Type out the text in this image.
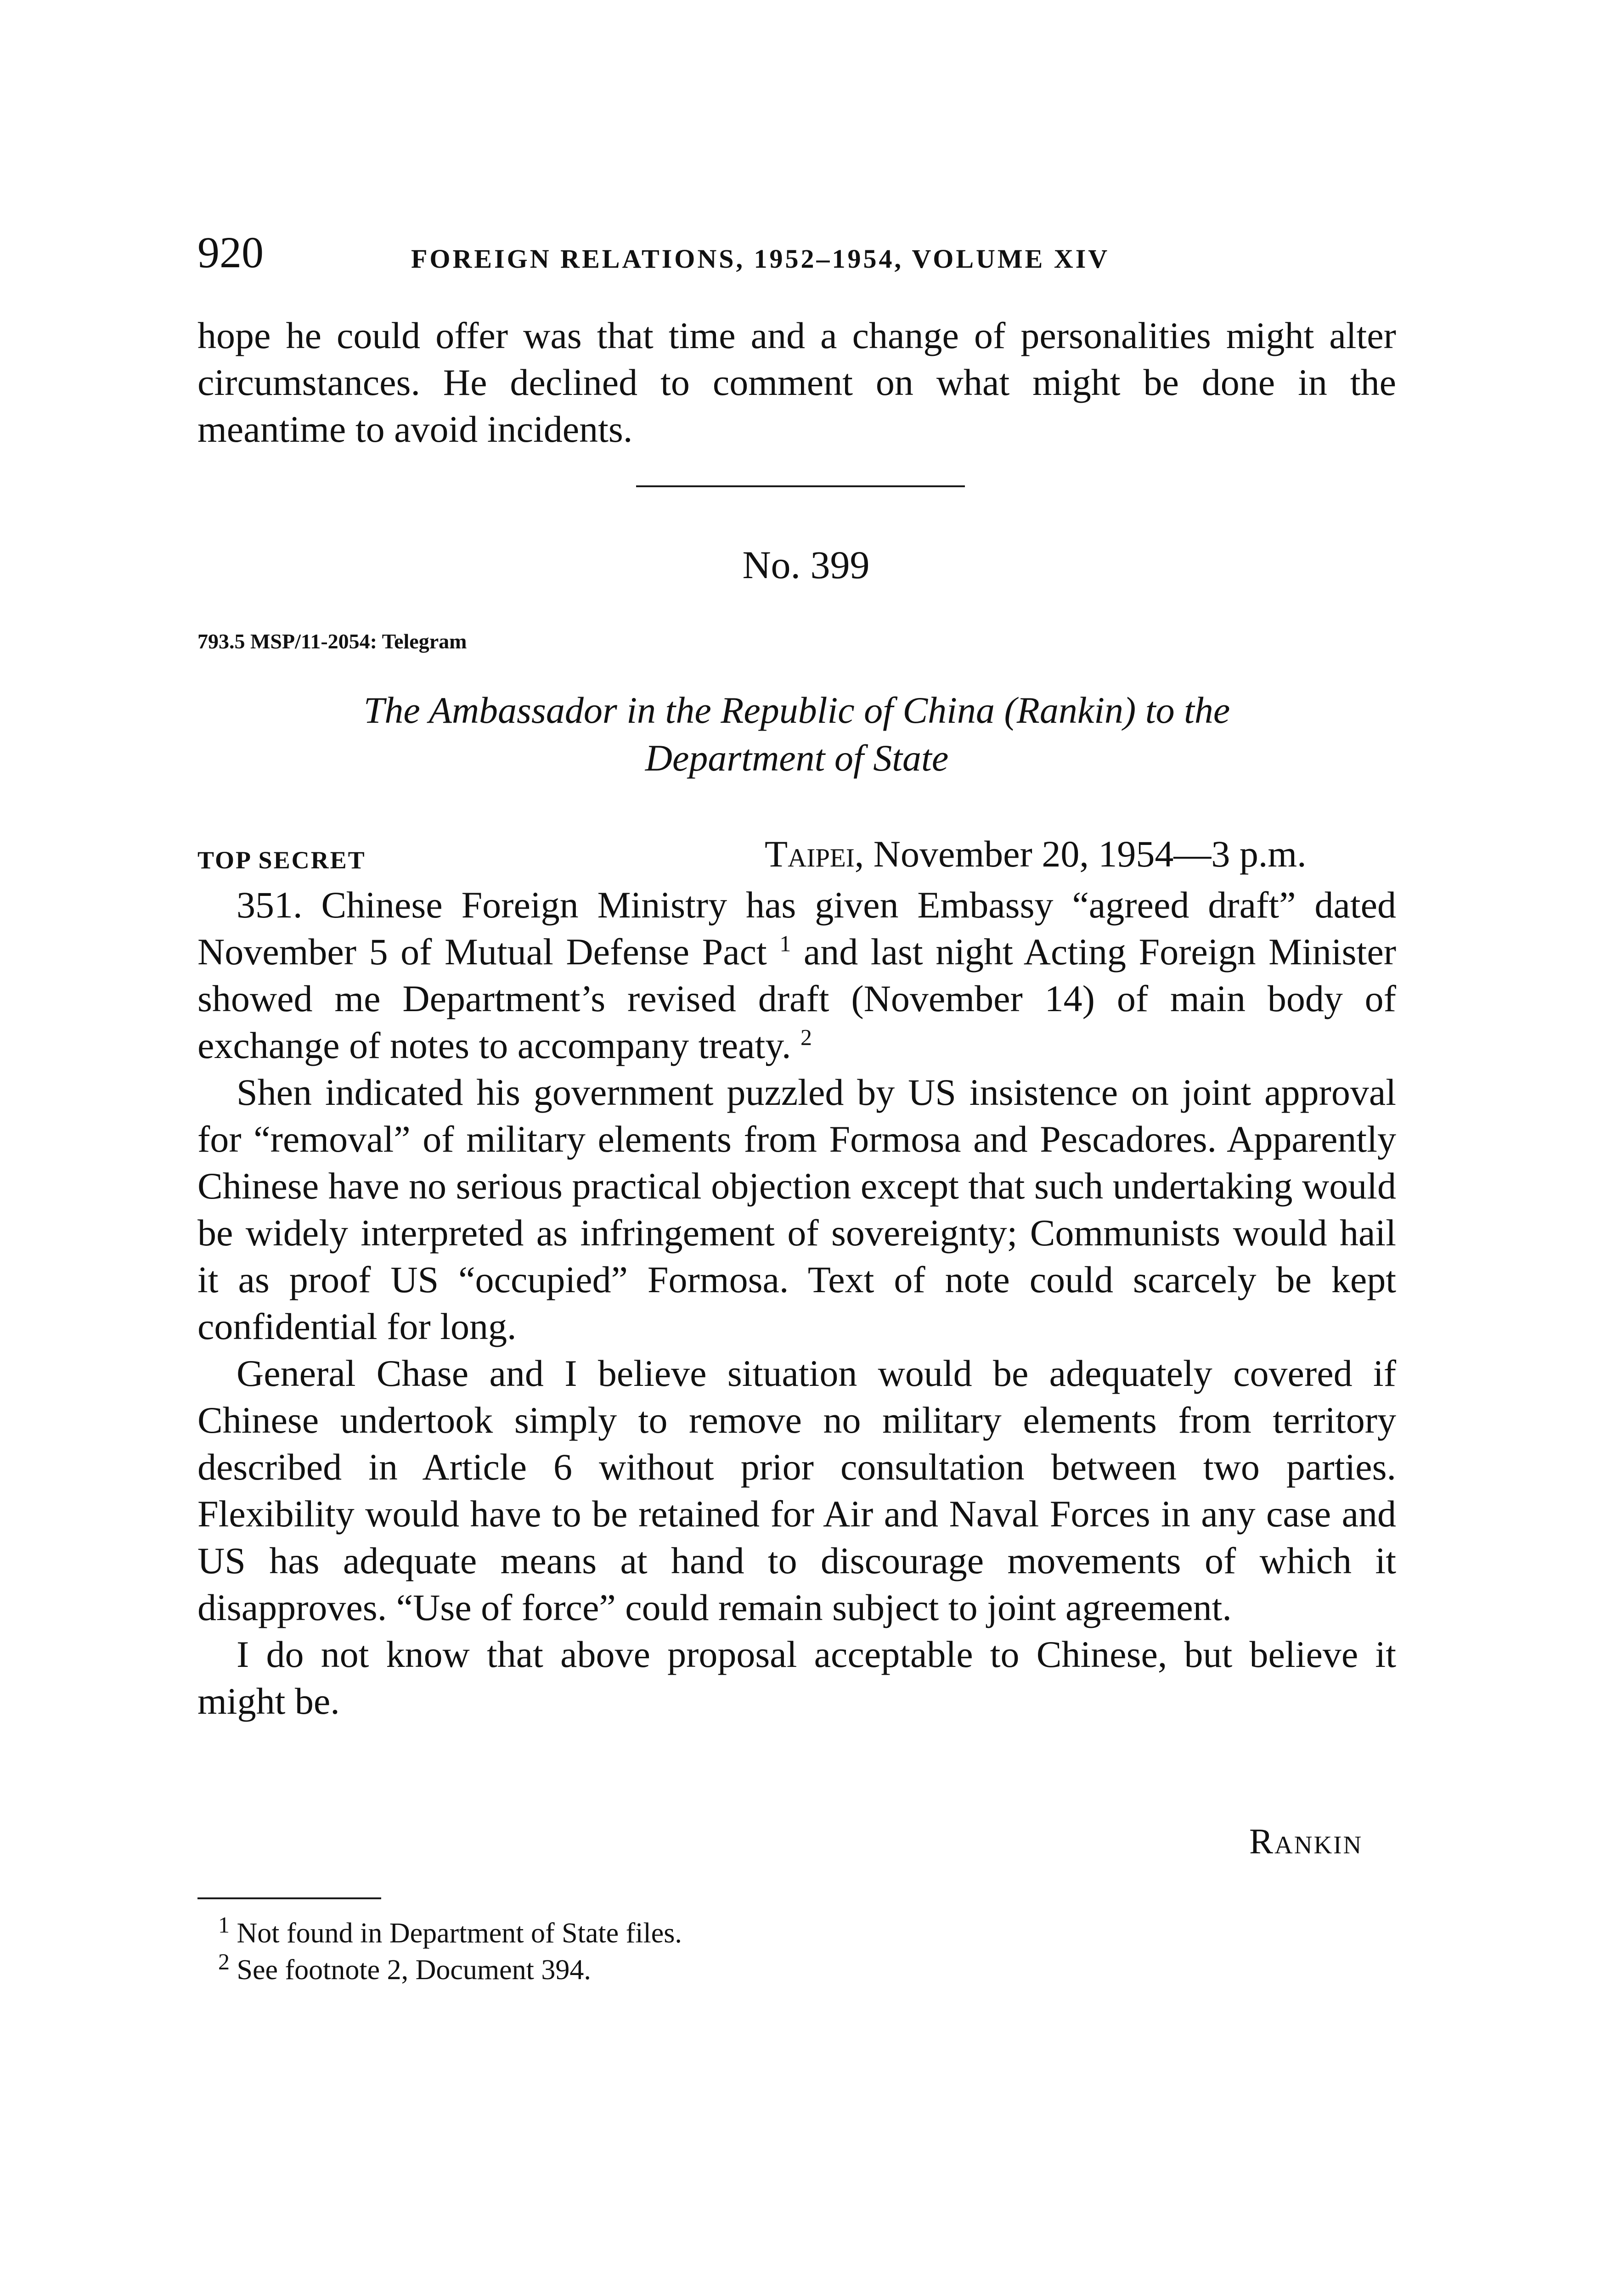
920	FOREIGN RELATIONS, 1952–1954, VOLUME XIV

hope he could offer was that time and a change of personalities might alter circumstances. He declined to comment on what might be done in the meantime to avoid incidents.

No. 399
793.5 MSP/11-2054: Telegram
The Ambassador in the Republic of China (Rankin) to the
Department of State
TOP SECRET	Taipei, November 20, 1954—3 p.m.

351. Chinese Foreign Ministry has given Embassy “agreed draft” dated November 5 of Mutual Defense Pact $^1$ and last night Acting Foreign Minister showed me Department’s revised draft (November 14) of main body of exchange of notes to accompany treaty. $^2$

Shen indicated his government puzzled by US insistence on joint approval for “removal” of military elements from Formosa and Pescadores. Apparently Chinese have no serious practical objection except that such undertaking would be widely interpreted as infringement of sovereignty; Communists would hail it as proof US “occupied” Formosa. Text of note could scarcely be kept confidential for long.

General Chase and I believe situation would be adequately covered if Chinese undertook simply to remove no military elements from territory described in Article 6 without prior consultation between two parties. Flexibility would have to be retained for Air and Naval Forces in any case and US has adequate means at hand to discourage movements of which it disapproves. “Use of force” could remain subject to joint agreement.

I do not know that above proposal acceptable to Chinese, but believe it might be.

Rankin

$^1$ Not found in Department of State files.

$^2$ See footnote 2, Document 394.
